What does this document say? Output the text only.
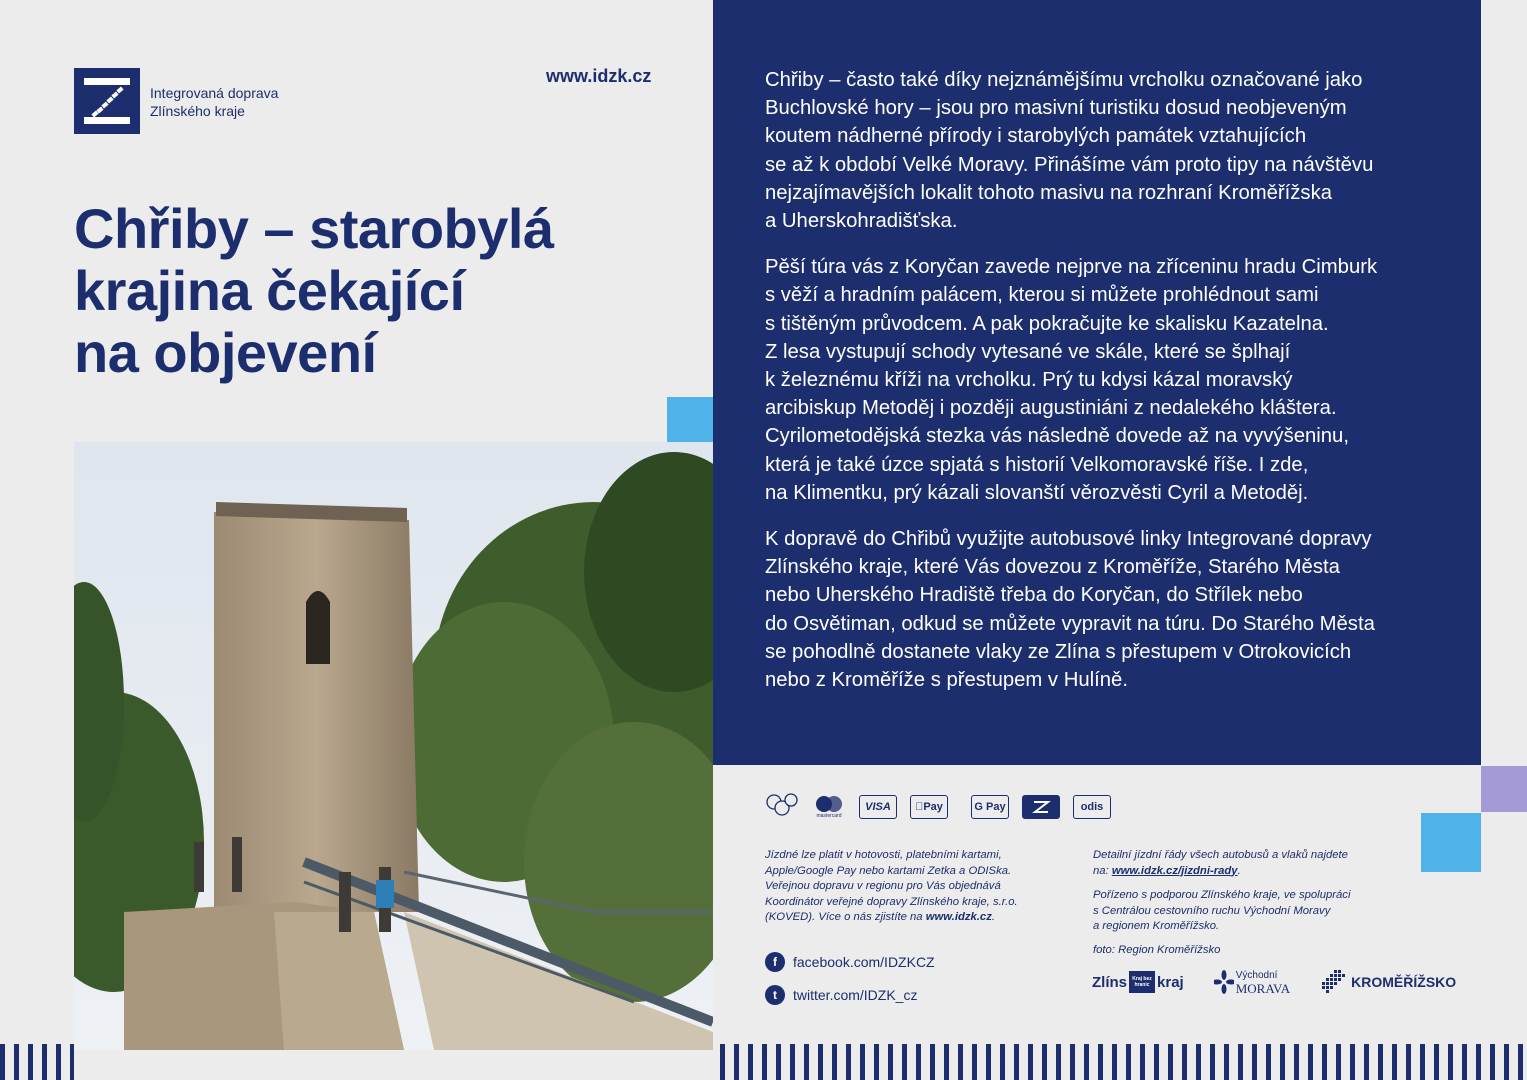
Integrovaná doprava
Zlínského kraje
www.idzk.cz
Chřiby – starobylá
krajina čekající
na objevení

Chřiby – často také díky nejznámějšímu vrcholku označované jako
Buchlovské hory – jsou pro masivní turistiku dosud neobjeveným
koutem nádherné přírody i starobylých památek vztahujících
se až k období Velké Moravy. Přinášíme vám proto tipy na návštěvu
nejzajímavějších lokalit tohoto masivu na rozhraní Kroměřížska
a Uherskohradišťska.

Pěší túra vás z Koryčan zavede nejprve na zříceninu hradu Cimburk
s věží a hradním palácem, kterou si můžete prohlédnout sami
s tištěným průvodcem. A pak pokračujte ke skalisku Kazatelna.
Z lesa vystupují schody vytesané ve skále, které se šplhají
k železnému kříži na vrcholku. Prý tu kdysi kázal moravský
arcibiskup Metoděj i později augustiniáni z nedalekého kláštera.
Cyrilometodějská stezka vás následně dovede až na vyvýšeninu,
která je také úzce spjatá s historií Velkomoravské říše. I zde,
na Klimentku, prý kázali slovanští věrozvěsti Cyril a Metoděj.

K dopravě do Chřibů využijte autobusové linky Integrované dopravy
Zlínského kraje, které Vás dovezou z Kroměříže, Starého Města
nebo Uherského Hradiště třeba do Koryčan, do Střílek nebo
do Osvětiman, odkud se můžete vypravit na túru. Do Starého Města
se pohodlně dostanete vlaky ze Zlína s přestupem v Otrokovicích
nebo z Kroměříže s přestupem v Hulíně.

mastercard
VISA	Pay	G Pay	odis
Jízdné lze platit v hotovosti, platebními kartami,
Apple/Google Pay nebo kartami Zetka a ODISka.
Veřejnou dopravu v regionu pro Vás objednává
Koordinátor veřejné dopravy Zlínského kraje, s.r.o.
(KOVED). Více o nás zjistíte na www.idzk.cz.
Detailní jízdní řády všech autobusů a vlaků najdete
na: www.idzk.cz/jizdni-rady.
Pořízeno s podporou Zlínského kraje, ve spolupráci
s Centrálou cestovního ruchu Východní Moravy
a regionem Kroměřížsko.
foto: Region Kroměřížsko
f	facebook.com/IDZKCZ
t	twitter.com/IDZK_cz
Zlíns	Kraj bez hranic kraj	Východní
MORAVA	KROMĚŘÍŽSKO
